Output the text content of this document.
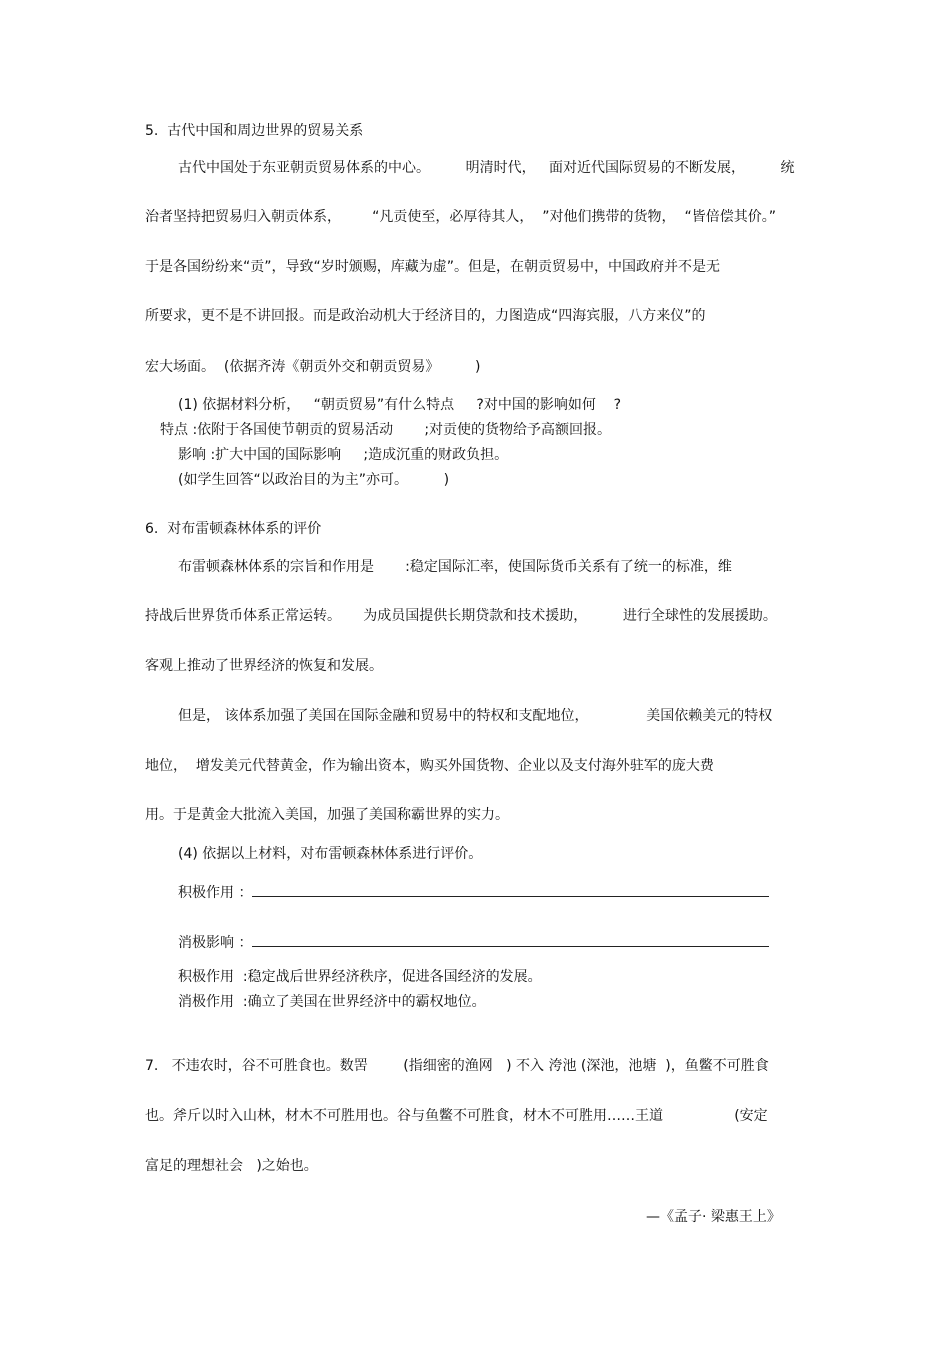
5.  古代中国和周边世界的贸易关系
古代中国处于东亚朝贡贸易体系的中心。        明清时代，   面对近代国际贸易的不断发展，        统
治者坚持把贸易归入朝贡体系，       “凡贡使至，必厚待其人，  ”对他们携带的货物，  “皆倍偿其价。”
于是各国纷纷来“贡”，导致“岁时颁赐，库藏为虚”。但是，在朝贡贸易中，中国政府并不是无
所要求，更不是不讲回报。而是政治动机大于经济目的，力图造成“四海宾服，八方来仪”的
宏大场面。  (依据齐涛《朝贡外交和朝贡贸易》        )
(1) 依据材料分析，   “朝贡贸易”有什么特点     ?对中国的影响如何    ?
特点 :依附于各国使节朝贡的贸易活动       ;对贡使的货物给予高额回报。
影响 :扩大中国的国际影响     ;造成沉重的财政负担。
(如学生回答“以政治目的为主”亦可。        )
6.  对布雷顿森林体系的评价
布雷顿森林体系的宗旨和作用是       :稳定国际汇率，使国际货币关系有了统一的标准，维
持战后世界货币体系正常运转。     为成员国提供长期贷款和技术援助，        进行全球性的发展援助。
客观上推动了世界经济的恢复和发展。
但是， 该体系加强了美国在国际金融和贸易中的特权和支配地位，             美国依赖美元的特权
地位，  增发美元代替黄金，作为输出资本，购买外国货物、企业以及支付海外驻军的庞大费
用。于是黄金大批流入美国，加强了美国称霸世界的实力。
(4) 依据以上材料，对布雷顿森林体系进行评价。
积极作用 ：
消极影响 ：
积极作用  :稳定战后世界经济秩序，促进各国经济的发展。
消极作用  :确立了美国在世界经济中的霸权地位。
7.   不违农时，谷不可胜食也。数罟        (指细密的渔网   ) 不入 洿池 (深池，池塘  )，鱼鳖不可胜食
也。斧斤以时入山林，材木不可胜用也。谷与鱼鳖不可胜食，材木不可胜用……王道                (安定
富足的理想社会   )之始也。
—《孟子· 梁惠王上》
